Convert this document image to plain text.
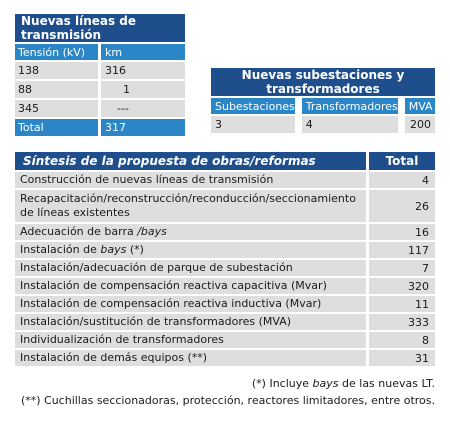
Nuevas líneas de transmisión		

Tensión (kV)		km

138		316

88		1

345		---

Total		317
Nuevas subestaciones y transformadores				

Subestaciones		Transformadores		MVA

3		4		200
Síntesis de la propuesta de obras/reformas		Total

Construcción de nuevas líneas de transmisión		4

Recapacitación/reconstrucción/reconducción/seccionamiento de líneas existentes		26

Adecuación de barra /bays		16

Instalación de bays (*)		117

Instalación/adecuación de parque de subestación		7

Instalación de compensación reactiva capacitiva (Mvar)		320

Instalación de compensación reactiva inductiva (Mvar)		11

Instalación/sustitución de transformadores (MVA)		333

Individualización de transformadores		8

Instalación de demás equipos (**)		31
(*) Incluye bays de las nuevas LT.
(**) Cuchillas seccionadoras, protección, reactores limitadores, entre otros.
